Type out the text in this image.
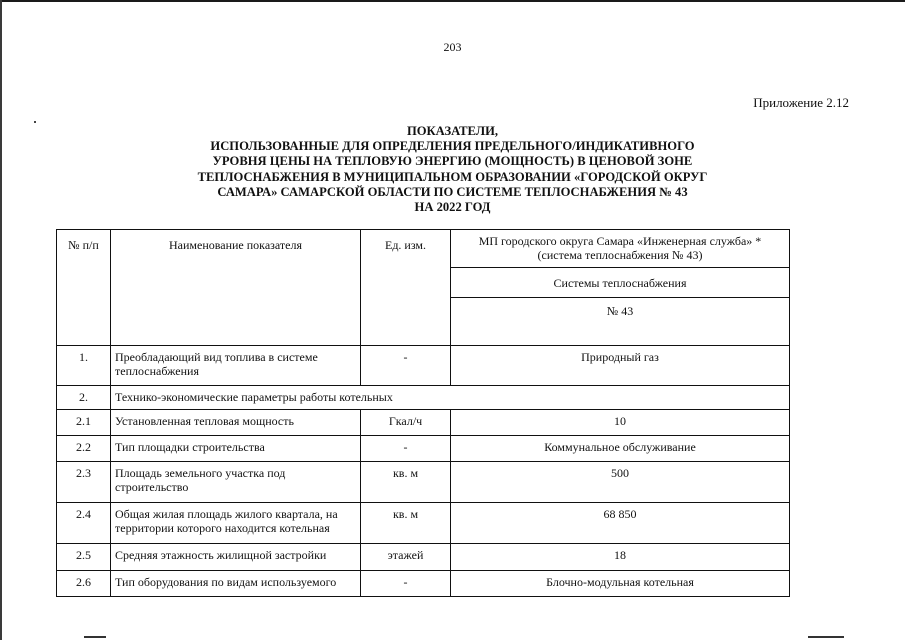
203
Приложение 2.12
ПОКАЗАТЕЛИ,
ИСПОЛЬЗОВАННЫЕ ДЛЯ ОПРЕДЕЛЕНИЯ ПРЕДЕЛЬНОГО/ИНДИКАТИВНОГО
УРОВНЯ ЦЕНЫ НА ТЕПЛОВУЮ ЭНЕРГИЮ (МОЩНОСТЬ) В ЦЕНОВОЙ ЗОНЕ
ТЕПЛОСНАБЖЕНИЯ В МУНИЦИПАЛЬНОМ ОБРАЗОВАНИИ «ГОРОДСКОЙ ОКРУГ
САМАРА» САМАРСКОЙ ОБЛАСТИ ПО СИСТЕМЕ ТЕПЛОСНАБЖЕНИЯ № 43
НА 2022 ГОД
№ п/п	Наименование показателя	Ед. изм.	МП городского округа Самара «Инженерная служба» * (система теплоснабжения № 43)

			Системы теплоснабжения

			№ 43

1.	Преобладающий вид топлива в системе теплоснабжения	-	Природный газ

2.	Технико-экономические параметры работы котельных		

2.1	Установленная тепловая мощность	Гкал/ч	10

2.2	Тип площадки строительства	-	Коммунальное обслуживание

2.3	Площадь земельного участка под строительство	кв. м	500

2.4	Общая жилая площадь жилого квартала, на территории которого находится котельная	кв. м	68 850

2.5	Средняя этажность жилищной застройки	этажей	18

2.6	Тип оборудования по видам используемого	-	Блочно-модульная котельная
